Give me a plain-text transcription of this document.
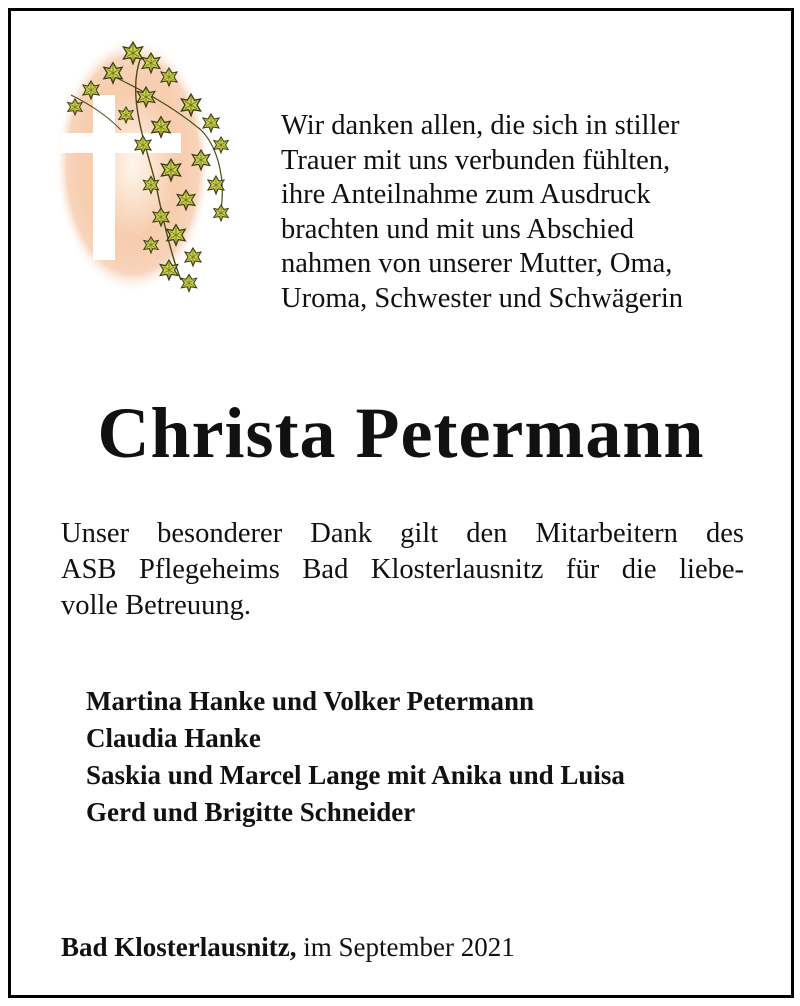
Wir danken allen, die sich in stiller
Trauer mit uns verbunden fühlten,
ihre Anteilnahme zum Ausdruck
brachten und mit uns Abschied
nahmen von unserer Mutter, Oma,
Uroma, Schwester und Schwägerin
Christa Petermann
Unser besonderer Dank gilt den Mitarbeitern des
ASB Pflegeheims Bad Klosterlausnitz für die liebe-
volle Betreuung.
Martina Hanke und Volker Petermann
Claudia Hanke
Saskia und Marcel Lange mit Anika und Luisa
Gerd und Brigitte Schneider
Bad Klosterlausnitz, im September 2021
